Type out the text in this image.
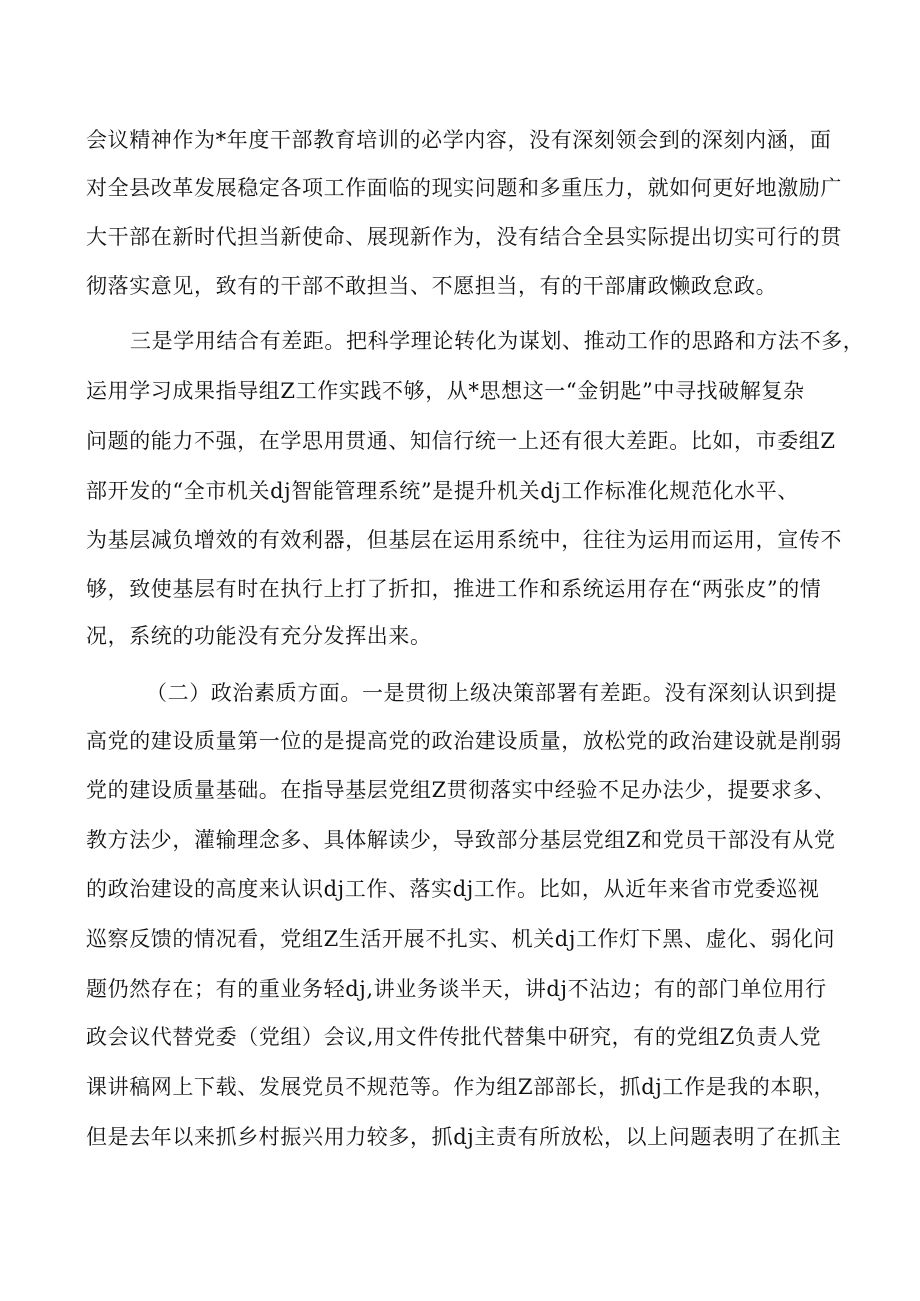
会议精神作为*年度干部教育培训的必学内容，没有深刻领会到的深刻内涵，面
对全县改革发展稳定各项工作面临的现实问题和多重压力，就如何更好地激励广
大干部在新时代担当新使命、展现新作为，没有结合全县实际提出切实可行的贯
彻落实意见，致有的干部不敢担当、不愿担当，有的干部庸政懒政怠政。
三是学用结合有差距。把科学理论转化为谋划、推动工作的思路和方法不多，
运用学习成果指导组Z工作实践不够，从*思想这一“金钥匙”中寻找破解复杂
问题的能力不强，在学思用贯通、知信行统一上还有很大差距。比如，市委组Z
部开发的“全市机关dj智能管理系统”是提升机关dj工作标准化规范化水平、
为基层减负增效的有效利器，但基层在运用系统中，往往为运用而运用，宣传不
够，致使基层有时在执行上打了折扣，推进工作和系统运用存在“两张皮”的情
况，系统的功能没有充分发挥出来。
（二）政治素质方面。一是贯彻上级决策部署有差距。没有深刻认识到提
高党的建设质量第一位的是提高党的政治建设质量，放松党的政治建设就是削弱
党的建设质量基础。在指导基层党组Z贯彻落实中经验不足办法少，提要求多、
教方法少，灌输理念多、具体解读少，导致部分基层党组Z和党员干部没有从党
的政治建设的高度来认识dj工作、落实dj工作。比如，从近年来省市党委巡视
巡察反馈的情况看，党组Z生活开展不扎实、机关dj工作灯下黑、虚化、弱化问
题仍然存在；有的重业务轻dj,讲业务谈半天，讲dj不沾边；有的部门单位用行
政会议代替党委（党组）会议,用文件传批代替集中研究，有的党组Z负责人党
课讲稿网上下载、发展党员不规范等。作为组Z部部长，抓dj工作是我的本职，
但是去年以来抓乡村振兴用力较多，抓dj主责有所放松，以上问题表明了在抓主
